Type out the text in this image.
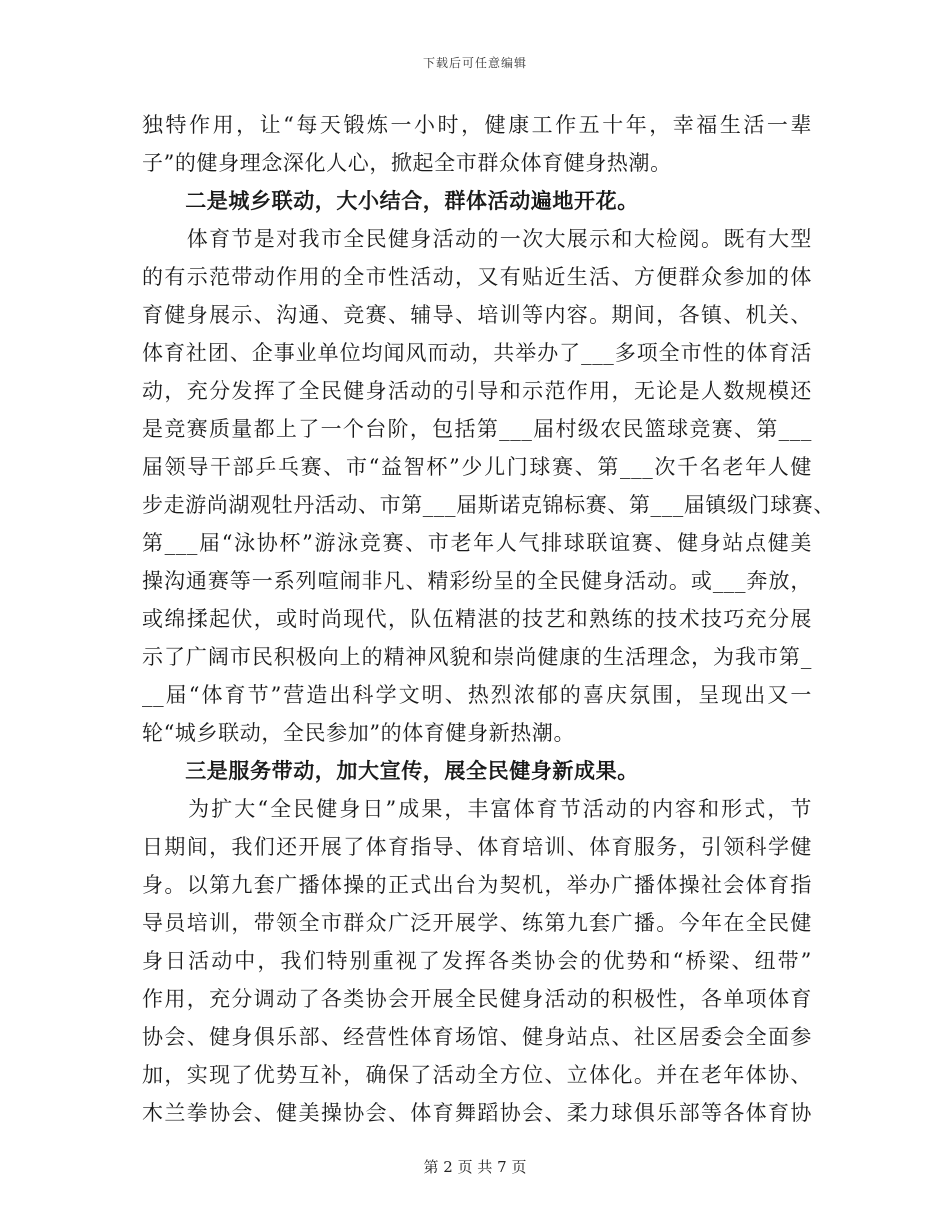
下载后可任意编辑
独特作用，让“每天锻炼一小时，健康工作五十年，幸福生活一辈
子”的健身理念深化人心，掀起全市群众体育健身热潮。
　　二是城乡联动，大小结合，群体活动遍地开花。
　　体育节是对我市全民健身活动的一次大展示和大检阅。既有大型
的有示范带动作用的全市性活动，又有贴近生活、方便群众参加的体
育健身展示、沟通、竞赛、辅导、培训等内容。期间，各镇、机关、
体育社团、企事业单位均闻风而动，共举办了___多项全市性的体育活
动，充分发挥了全民健身活动的引导和示范作用，无论是人数规模还
是竞赛质量都上了一个台阶，包括第___届村级农民篮球竞赛、第___
届领导干部乒乓赛、市“益智杯”少儿门球赛、第___次千名老年人健
步走游尚湖观牡丹活动、市第___届斯诺克锦标赛、第___届镇级门球赛、
第___届“泳协杯”游泳竞赛、市老年人气排球联谊赛、健身站点健美
操沟通赛等一系列喧闹非凡、精彩纷呈的全民健身活动。或___奔放，
或绵揉起伏，或时尚现代，队伍精湛的技艺和熟练的技术技巧充分展
示了广阔市民积极向上的精神风貌和崇尚健康的生活理念，为我市第_
__届“体育节”营造出科学文明、热烈浓郁的喜庆氛围，呈现出又一
轮“城乡联动，全民参加”的体育健身新热潮。
　　三是服务带动，加大宣传，展全民健身新成果。
　　为扩大“全民健身日”成果，丰富体育节活动的内容和形式，节
日期间，我们还开展了体育指导、体育培训、体育服务，引领科学健
身。以第九套广播体操的正式出台为契机，举办广播体操社会体育指
导员培训，带领全市群众广泛开展学、练第九套广播。今年在全民健
身日活动中，我们特别重视了发挥各类协会的优势和“桥梁、纽带”
作用，充分调动了各类协会开展全民健身活动的积极性，各单项体育
协会、健身俱乐部、经营性体育场馆、健身站点、社区居委会全面参
加，实现了优势互补，确保了活动全方位、立体化。并在老年体协、
木兰拳协会、健美操协会、体育舞蹈协会、柔力球俱乐部等各体育协
第 2 页 共 7 页
